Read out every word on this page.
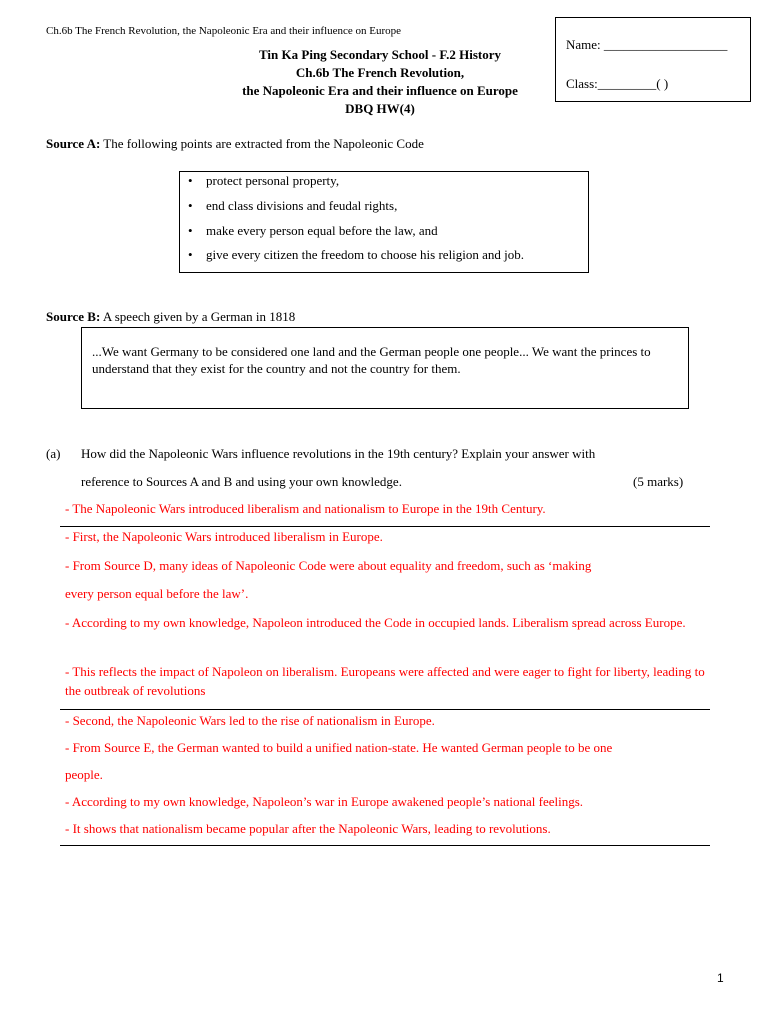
Ch.6b The French Revolution, the Napoleonic Era and their influence on Europe
Name: ___________________
Class:_________( )
Tin Ka Ping Secondary School - F.2 History
Ch.6b The French Revolution,
the Napoleonic Era and their influence on Europe
DBQ HW(4)
Source A: The following points are extracted from the Napoleonic Code
• protect personal property,
• end class divisions and feudal rights,
• make every person equal before the law, and
• give every citizen the freedom to choose his religion and job.
Source B: A speech given by a German in 1818
...We want Germany to be considered one land and the German people one people... We want the princes to understand that they exist for the country and not the country for them.
(a) How did the Napoleonic Wars influence revolutions in the 19th century? Explain your answer with
reference to Sources A and B and using your own knowledge.	(5 marks)
- The Napoleonic Wars introduced liberalism and nationalism to Europe in the 19th Century.
- First, the Napoleonic Wars introduced liberalism in Europe.
- From Source D, many ideas of Napoleonic Code were about equality and freedom, such as ‘making
every person equal before the law’.
- According to my own knowledge, Napoleon introduced the Code in occupied lands. Liberalism spread across Europe.
- This reflects the impact of Napoleon on liberalism. Europeans were affected and were eager to fight for liberty, leading to the outbreak of revolutions
- Second, the Napoleonic Wars led to the rise of nationalism in Europe.
- From Source E, the German wanted to build a unified nation-state. He wanted German people to be one
people.
- According to my own knowledge, Napoleon’s war in Europe awakened people’s national feelings.
- It shows that nationalism became popular after the Napoleonic Wars, leading to revolutions.
1
